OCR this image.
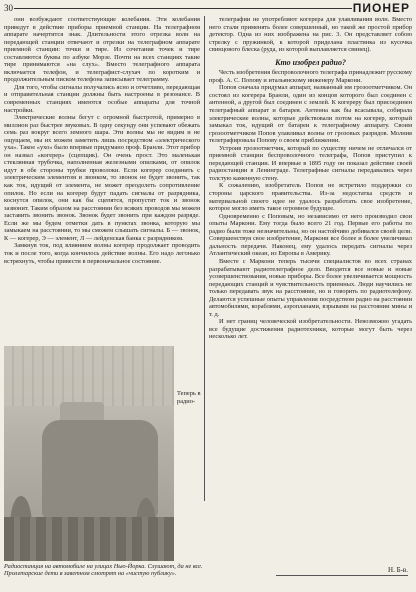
30	ПИОНЕР

они возбуждают соответствующие колебания. Эти колебания приведут в действие приборы приемной станции. На телеграфном аппарате начертится знак. Длительности этого отрезка волн на передающей станции отвечают и отрезки на телеграфном аппарате приемной станции: точки и тире. Из сочетания точек и тире составляются буквы по азбуке Морзе. Почти на всех станциях такие тире принимаются «на слух». Вместо телеграфного аппарата включается телефон, и телеграфист-слухач по коротким и продолжительным писком телефона записывает телеграмму.

Для того, чтобы сигналы получались ясно и отчетливо, передающая и отправительная станции должны быть настроены в резонансе. В современных станциях имеются особые аппараты для точной настройки.

Электрические волны бегут с огромной быстротой, примерно в миллион раз быстрее звуковых. В одну секунду они успевают обежать семь раз вокруг всего земного шара. Эти волны мы не видим и не ощущаем, мы их можем заметить лишь посредством «электрического уха». Такое «ухо» было впервые придумано проф. Бранли. Этот прибор он назвал «когерер» (сцепщик). Он очень прост. Это маленькая стеклянная трубочка, наполненная железными опилками, от опилок идут в обе стороны трубки проволоки. Если когерер соединить с электрическим элементом и звонком, то звонок не будет звонить, так как ток, идущий от элемента, не может преодолеть сопротивление опилок. Но если на когерер будут падать сигналы от разрядника, коснутся опилок, они как бы сцепятся, пропустят ток и звонок зазвонит. Таким образом на расстоянии без всяких проводов мы можем заставить звонить звонок. Звонок будет звонить при каждом разряде. Если же мы будем отметки дать в пунктах звонка, которую мы замыкаем на расстоянии, то мы сможем слышать сигналы. Б — звонок, К — когерер, Э — элемент, Л — лейденская банка с разрядником.

Замкнув ток, под влиянием волны когерер продолжает проводить ток и после того, когда кончилось действие волны. Его надо легонько встряхнуть, чтобы привести в первоначальное состояние.

Теперь в радио-

телеграфии не употребляют когерера для улавливания волн. Вместо него стали применять более совершенный, но такой же простой прибор детектор. Одна из них изображена на рис. 3. Он представляет собою стрелку с пружинкой, к которой приделана пластинка из кусочка свинцового блеска (руда, из которой выплавляется свинец).

Кто изобрел радио?

Честь изобретения беспроволочного телеграфа принадлежит русскому проф. А. С. Попову и итальянскому инженеру Маркони.

Попов сначала придумал аппарат, названный им грозоотметчиком. Он состоял из когерера Бранли, один из концов которого был соединен с антенной, а другой был соединен с землей. К когереру был присоединен телеграфный аппарат и батарея. Антенна как бы всасывала, собирала электрические волны, которые действовали потом на когерер, который замыкал ток, идущий от батареи к телеграфному аппарату. Своим грозоотметчиком Попов улавливал волны от грозовых разрядов. Молния телеграфировала Попову о своем приближении.

Устроив грозоотметчик, который по существу ничем не отличался от приемной станции беспроволочного телеграфа, Попов приступил к передающей станции. И впервые в 1895 году он показал действие своей радиостанции в Ленинграде. Телеграфные сигналы передавались через толстую каменную стену.

К сожалению, изобретатель Попов не встретило поддержки со стороны царского правительства. Из-за недостатка средств и материальной своего идее не удалось разработать свое изобретение, которое могло иметь такое огромное будущее.

Одновременно с Поповым, но независимо от него производил свои опыты Маркони. Ему тогда было всего 21 год. Первые его работы по радио были тоже незначительны, но он настойчиво добивался своей цели. Совершенствуя свое изобретение, Маркони все более и более увеличивал дальность передачи. Наконец, ему удалось передать сигналы через Атлантический океан, из Европы в Америку.

Вместе с Маркони теперь тысячи специалистов во всех странах разрабатывают радиотелеграфное дело. Вводятся все новые и новые усовершенствования, новые приборы. Все более увеличивается мощность передающих станций и чувствительность приемных. Люди научились не только передавать звук на расстояние, но и говорить по радиотелефону. Делаются успешные опыты управления посредством радио на расстоянии автомобилями, кораблями, аэропланами, взрывами на расстоянии мины и т. д.

И нет границ человеческой изобретательности. Невозможно угадать все будущие достижения радиотехники, которые могут быть через несколько лет.

Радиостанция на автомобиле на улицах Нью-Йорка. Слушают, да не все.
Пролетарские дети в заветном смотрят на «чистую публику».	Н. Б-в.
